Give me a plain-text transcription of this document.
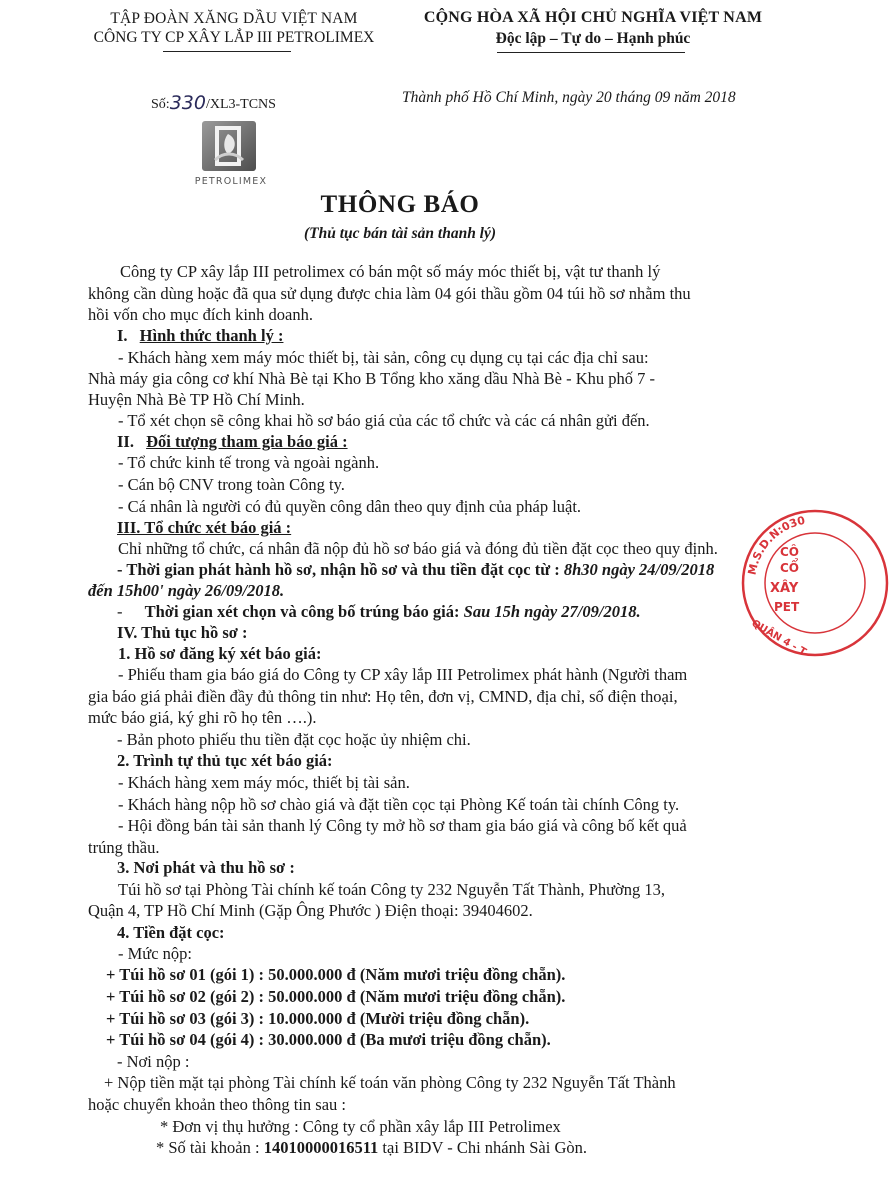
TẬP ĐOÀN XĂNG DẦU VIỆT NAM
CÔNG TY CP XÂY LẮP III PETROLIMEX
CỘNG HÒA XÃ HỘI CHỦ NGHĨA VIỆT NAM
Độc lập – Tự do – Hạnh phúc
Số:330/XL3-TCNS	Thành phố Hồ Chí Minh, ngày 20 tháng 09 năm 2018
PETROLIMEX
THÔNG BÁO
(Thủ tục bán tài sản thanh lý)
Công ty CP xây lắp III petrolimex có bán một số máy móc thiết bị, vật tư thanh lý
không cần dùng hoặc đã qua sử dụng được chia làm 04 gói thầu gồm 04 túi hồ sơ nhằm thu
hồi vốn cho mục đích kinh doanh.
I. Hình thức thanh lý :
- Khách hàng xem máy móc thiết bị, tài sản, công cụ dụng cụ tại các địa chỉ sau:
Nhà máy gia công cơ khí Nhà Bè tại Kho B Tổng kho xăng dầu Nhà Bè - Khu phố 7 -
Huyện Nhà Bè TP Hồ Chí Minh.
- Tổ xét chọn sẽ công khai hồ sơ báo giá của các tổ chức và các cá nhân gửi đến.
II. Đối tượng tham gia báo giá :
- Tổ chức kinh tế trong và ngoài ngành.
- Cán bộ CNV trong toàn Công ty.
- Cá nhân là người có đủ quyền công dân theo quy định của pháp luật.
III. Tổ chức xét báo giá :
Chỉ những tổ chức, cá nhân đã nộp đủ hồ sơ báo giá và đóng đủ tiền đặt cọc theo quy định.
- Thời gian phát hành hồ sơ, nhận hồ sơ và thu tiền đặt cọc từ : 8h30 ngày 24/09/2018
đến 15h00' ngày 26/09/2018.
- Thời gian xét chọn và công bố trúng báo giá: Sau 15h ngày 27/09/2018.
IV. Thủ tục hồ sơ :
1. Hồ sơ đăng ký xét báo giá:
- Phiếu tham gia báo giá do Công ty CP xây lắp III Petrolimex phát hành (Người tham
gia báo giá phải điền đầy đủ thông tin như: Họ tên, đơn vị, CMND, địa chỉ, số điện thoại,
mức báo giá, ký ghi rõ họ tên ….).
- Bản photo phiếu thu tiền đặt cọc hoặc ủy nhiệm chi.
2. Trình tự thủ tục xét báo giá:
- Khách hàng xem máy móc, thiết bị tài sản.
- Khách hàng nộp hồ sơ chào giá và đặt tiền cọc tại Phòng Kế toán tài chính Công ty.
- Hội đồng bán tài sản thanh lý Công ty mở hồ sơ tham gia báo giá và công bố kết quả
trúng thầu.
3. Nơi phát và thu hồ sơ :
Túi hồ sơ tại Phòng Tài chính kế toán Công ty 232 Nguyễn Tất Thành, Phường 13,
Quận 4, TP Hồ Chí Minh (Gặp Ông Phước ) Điện thoại: 39404602.
4. Tiền đặt cọc:
- Mức nộp:
+ Túi hồ sơ 01 (gói 1) : 50.000.000 đ (Năm mươi triệu đồng chẵn).
+ Túi hồ sơ 02 (gói 2) : 50.000.000 đ (Năm mươi triệu đồng chẵn).
+ Túi hồ sơ 03 (gói 3) : 10.000.000 đ (Mười triệu đồng chẵn).
+ Túi hồ sơ 04 (gói 4) : 30.000.000 đ (Ba mươi triệu đồng chẵn).
- Nơi nộp :
+ Nộp tiền mặt tại phòng Tài chính kế toán văn phòng Công ty 232 Nguyễn Tất Thành
hoặc chuyển khoản theo thông tin sau :
* Đơn vị thụ hưởng : Công ty cổ phần xây lắp III Petrolimex
* Số tài khoản : 14010000016511 tại BIDV - Chi nhánh Sài Gòn.
M.S.D.N:030
CÔ
CỔ
XÂY
PET
QUẬN 4 - T
